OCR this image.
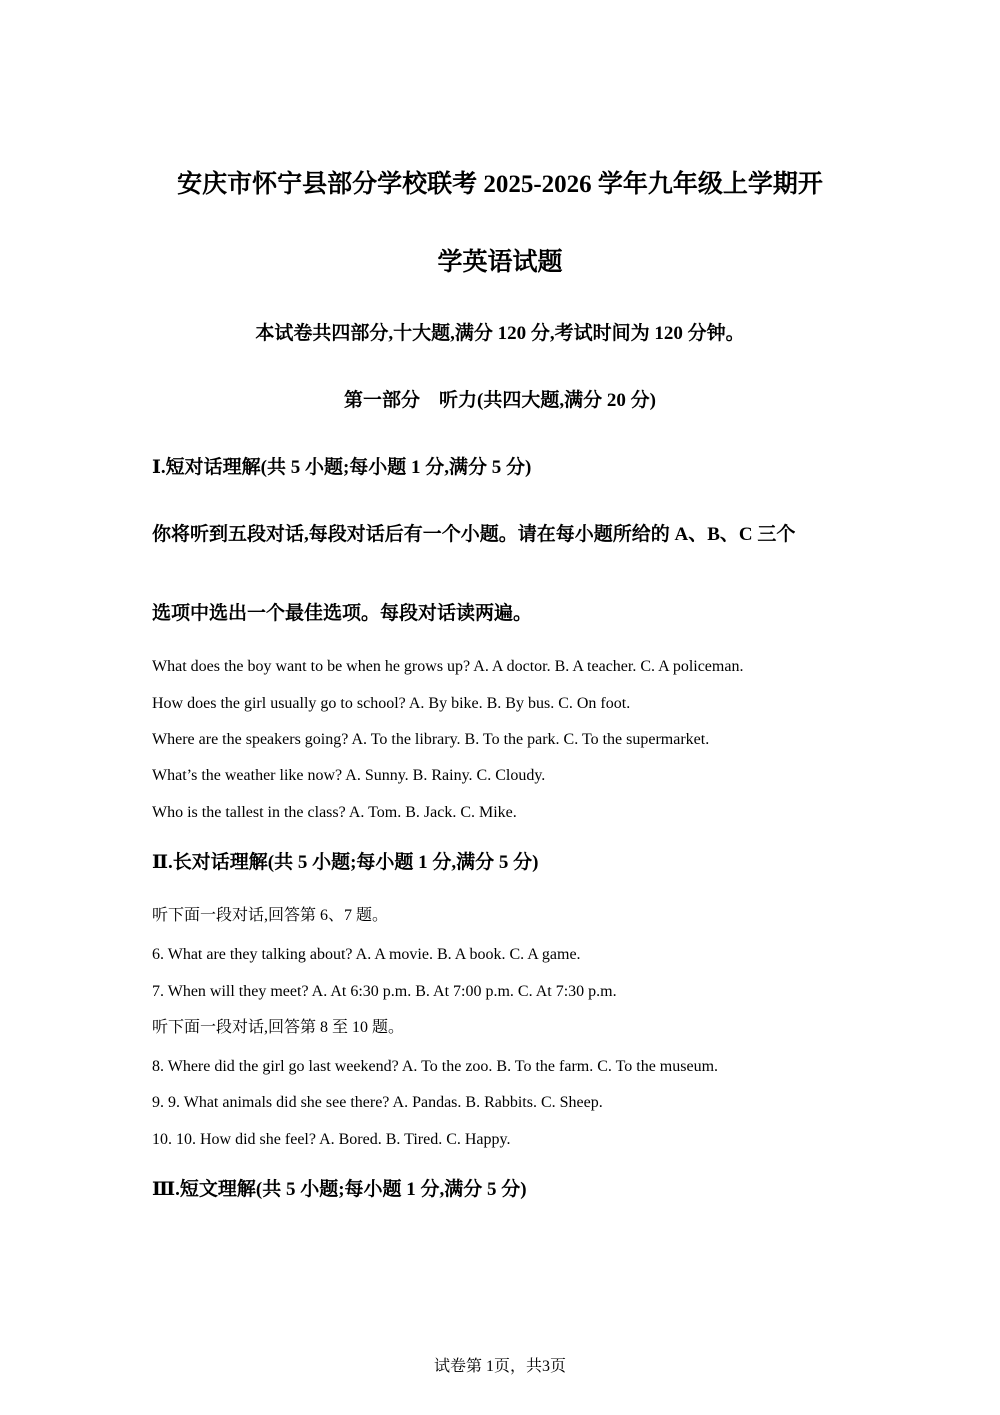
安庆市怀宁县部分学校联考 2025-2026 学年九年级上学期开
学英语试题

本试卷共四部分,十大题,满分 120 分,考试时间为 120 分钟。

第一部分　听力(共四大题,满分 20 分)

Ⅰ.短对话理解(共 5 小题;每小题 1 分,满分 5 分)

你将听到五段对话,每段对话后有一个小题。请在每小题所给的 A、B、C 三个

选项中选出一个最佳选项。每段对话读两遍。

What does the boy want to be when he grows up? A. A doctor. B. A teacher. C. A policeman.

How does the girl usually go to school? A. By bike. B. By bus. C. On foot.

Where are the speakers going? A. To the library. B. To the park. C. To the supermarket.

What’s the weather like now? A. Sunny. B. Rainy. C. Cloudy.

Who is the tallest in the class? A. Tom. B. Jack. C. Mike.

Ⅱ.长对话理解(共 5 小题;每小题 1 分,满分 5 分)

听下面一段对话,回答第 6、7 题。

6. What are they talking about? A. A movie. B. A book. C. A game.

7. When will they meet? A. At 6:30 p.m. B. At 7:00 p.m. C. At 7:30 p.m.

听下面一段对话,回答第 8 至 10 题。

8. Where did the girl go last weekend? A. To the zoo. B. To the farm. C. To the museum.

9. 9. What animals did she see there? A. Pandas. B. Rabbits. C. Sheep.

10. 10. How did she feel? A. Bored. B. Tired. C. Happy.

Ⅲ.短文理解(共 5 小题;每小题 1 分,满分 5 分)

试卷第 1页，共3页
